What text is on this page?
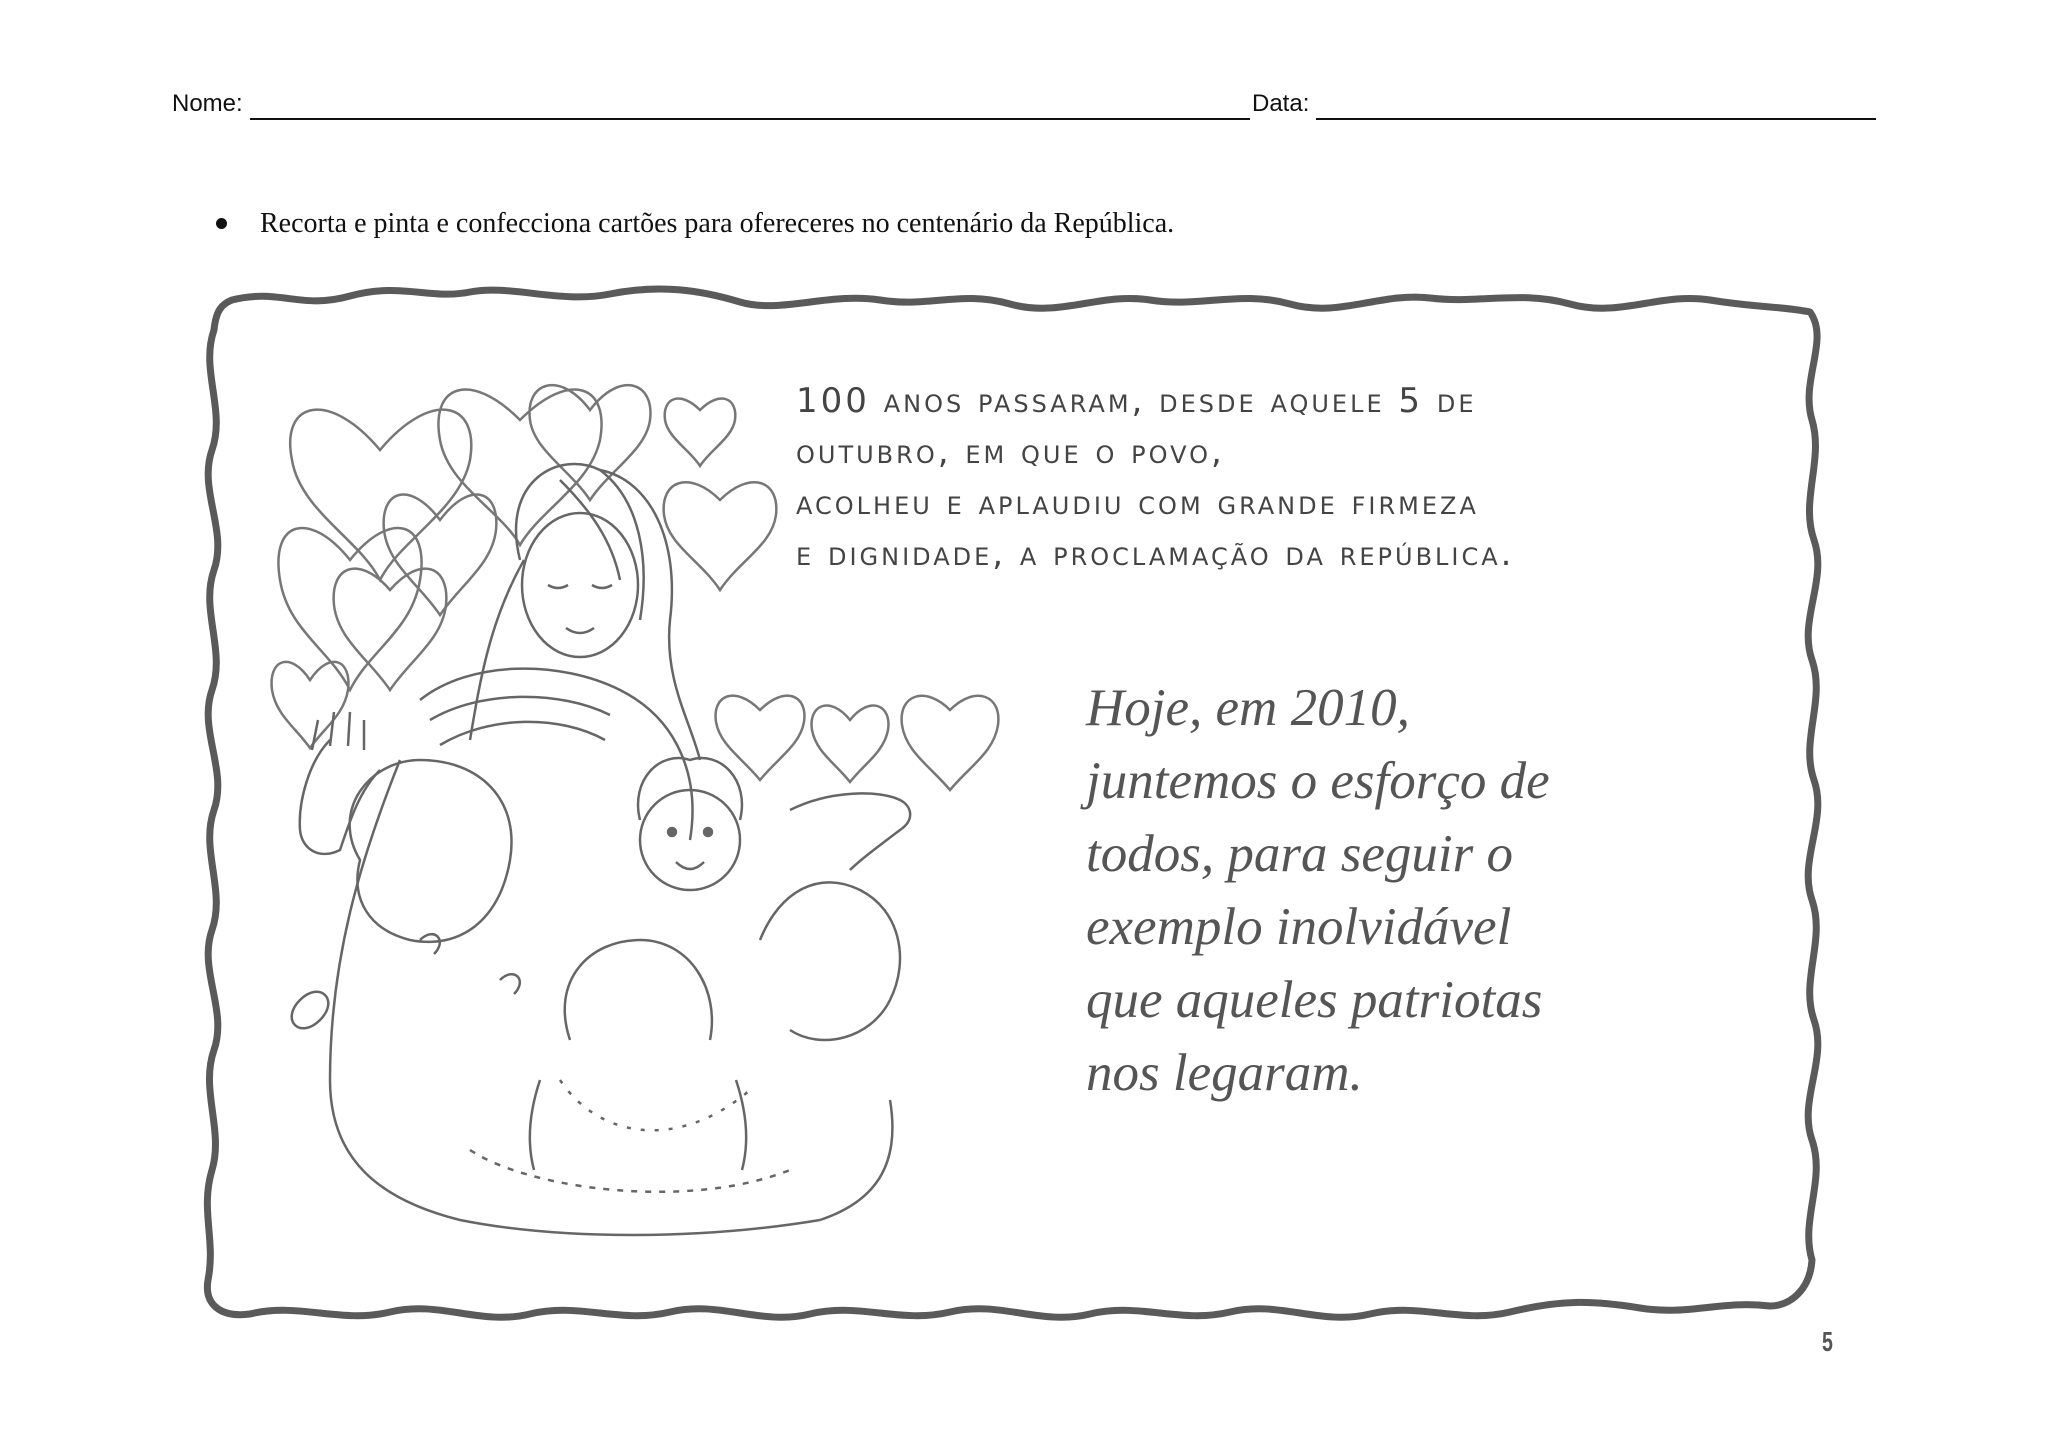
Nome:	Data:
Recorta e pinta e confecciona cartões para ofereceres no centenário da República.
100 anos passaram, desde aquele 5 de
outubro, em que o povo,
acolheu e aplaudiu com grande firmeza
e dignidade, a proclamação da república.
Hoje, em 2010,
juntemos o esforço de
todos, para seguir o
exemplo inolvidável
que aqueles patriotas
nos legaram.
5
